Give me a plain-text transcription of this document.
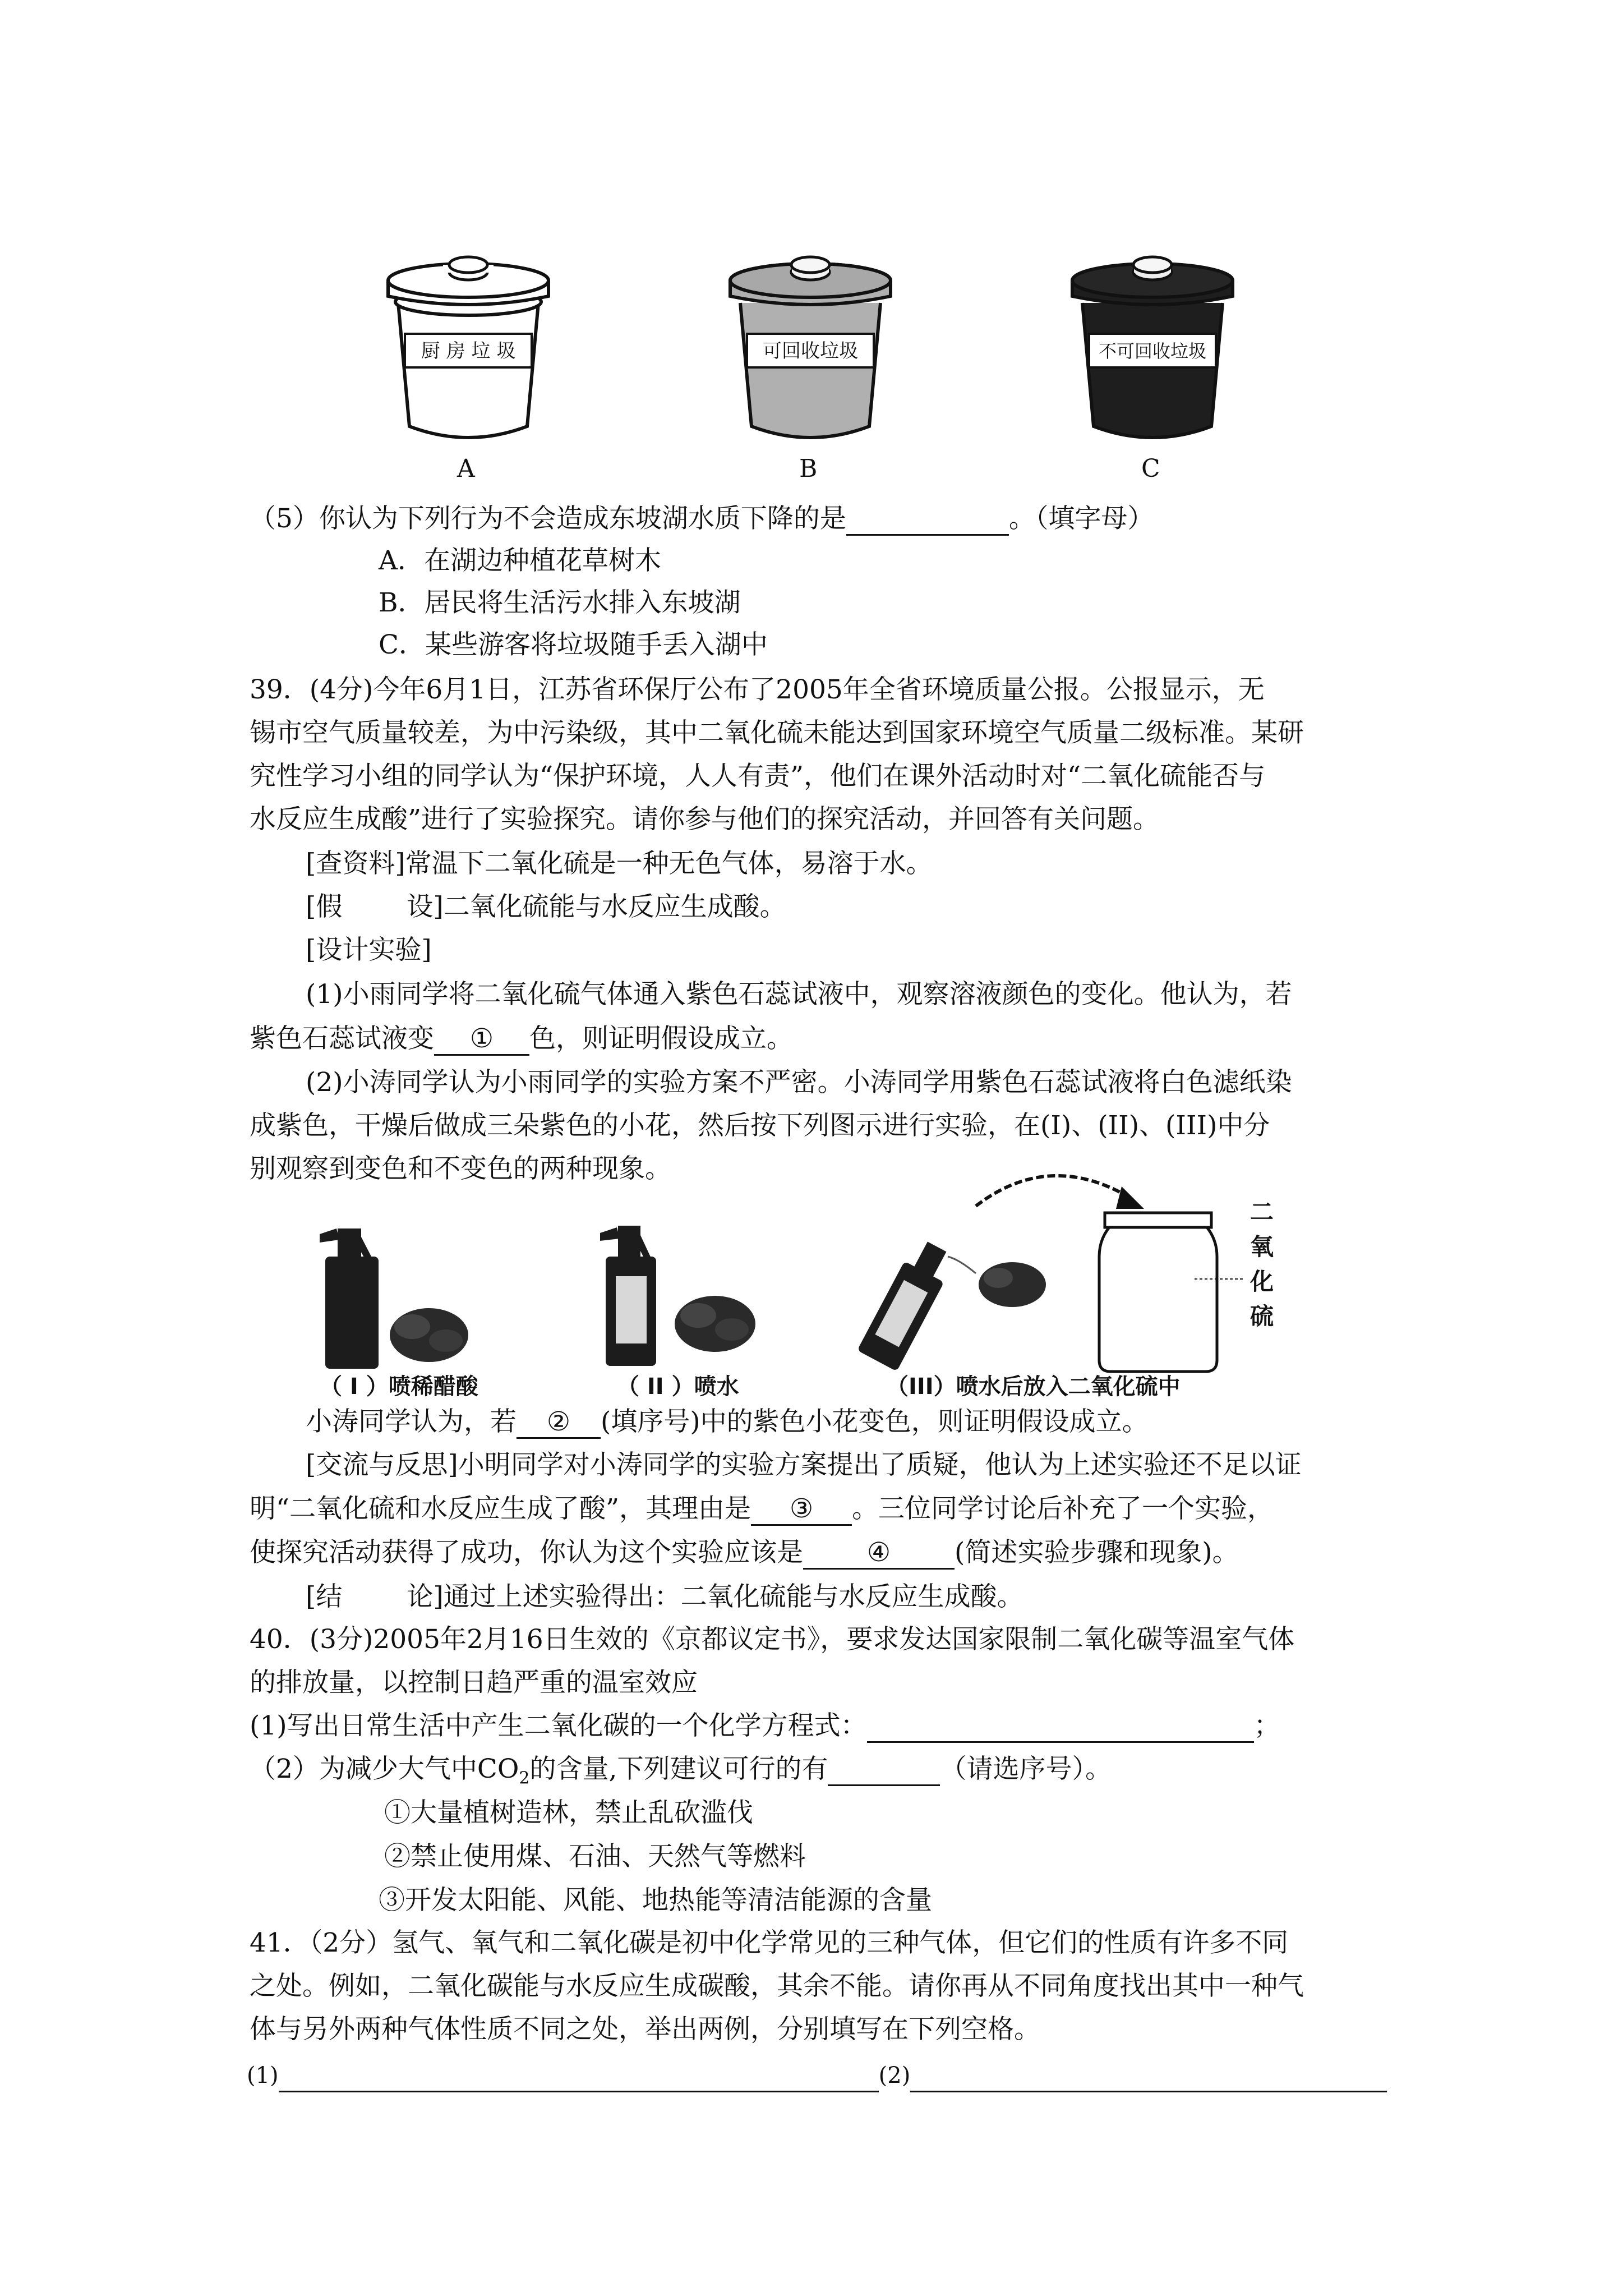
厨 房 垃 圾	可回收垃圾	不可回收垃圾
A	B	C
（5）你认为下列行为不会造成东坡湖水质下降的是	。（填字母）
A．在湖边种植花草树木
B．居民将生活污水排入东坡湖
C．某些游客将垃圾随手丢入湖中
39．(4分)今年6月1日，江苏省环保厅公布了2005年全省环境质量公报。公报显示，无
锡市空气质量较差，为中污染级，其中二氧化硫未能达到国家环境空气质量二级标准。某研
究性学习小组的同学认为“保护环境，人人有责”，他们在课外活动时对“二氧化硫能否与
水反应生成酸”进行了实验探究。请你参与他们的探究活动，并回答有关问题。
[查资料]常温下二氧化硫是一种无色气体，易溶于水。
[假 设]二氧化硫能与水反应生成酸。
[设计实验]
(1)小雨同学将二氧化硫气体通入紫色石蕊试液中，观察溶液颜色的变化。他认为，若
紫色石蕊试液变 ① 色，则证明假设成立。
(2)小涛同学认为小雨同学的实验方案不严密。小涛同学用紫色石蕊试液将白色滤纸染
成紫色，干燥后做成三朵紫色的小花，然后按下列图示进行实验，在(I)、(II)、(III)中分
别观察到变色和不变色的两种现象。
二
氧
化
硫
（ I ）喷稀醋酸	（ II ）喷水	（III）喷水后放入二氧化硫中
小涛同学认为，若 ② (填序号)中的紫色小花变色，则证明假设成立。
[交流与反思]小明同学对小涛同学的实验方案提出了质疑，他认为上述实验还不足以证
明“二氧化硫和水反应生成了酸”，其理由是 ③ 。三位同学讨论后补充了一个实验，
使探究活动获得了成功，你认为这个实验应该是 ④ (简述实验步骤和现象)。
[结 论]通过上述实验得出：二氧化硫能与水反应生成酸。
40．(3分)2005年2月16日生效的《京都议定书》，要求发达国家限制二氧化碳等温室气体
的排放量，以控制日趋严重的温室效应
(1)写出日常生活中产生二氧化碳的一个化学方程式：	；
（2）为减少大气中$CO_2$的含量,下列建议可行的有	（请选序号）。
①大量植树造林，禁止乱砍滥伐
②禁止使用煤、石油、天然气等燃料
③开发太阳能、风能、地热能等清洁能源的含量
41．（2分）氢气、氧气和二氧化碳是初中化学常见的三种气体，但它们的性质有许多不同
之处。例如，二氧化碳能与水反应生成碳酸，其余不能。请你再从不同角度找出其中一种气
体与另外两种气体性质不同之处，举出两例，分别填写在下列空格。
(1)	(2)
